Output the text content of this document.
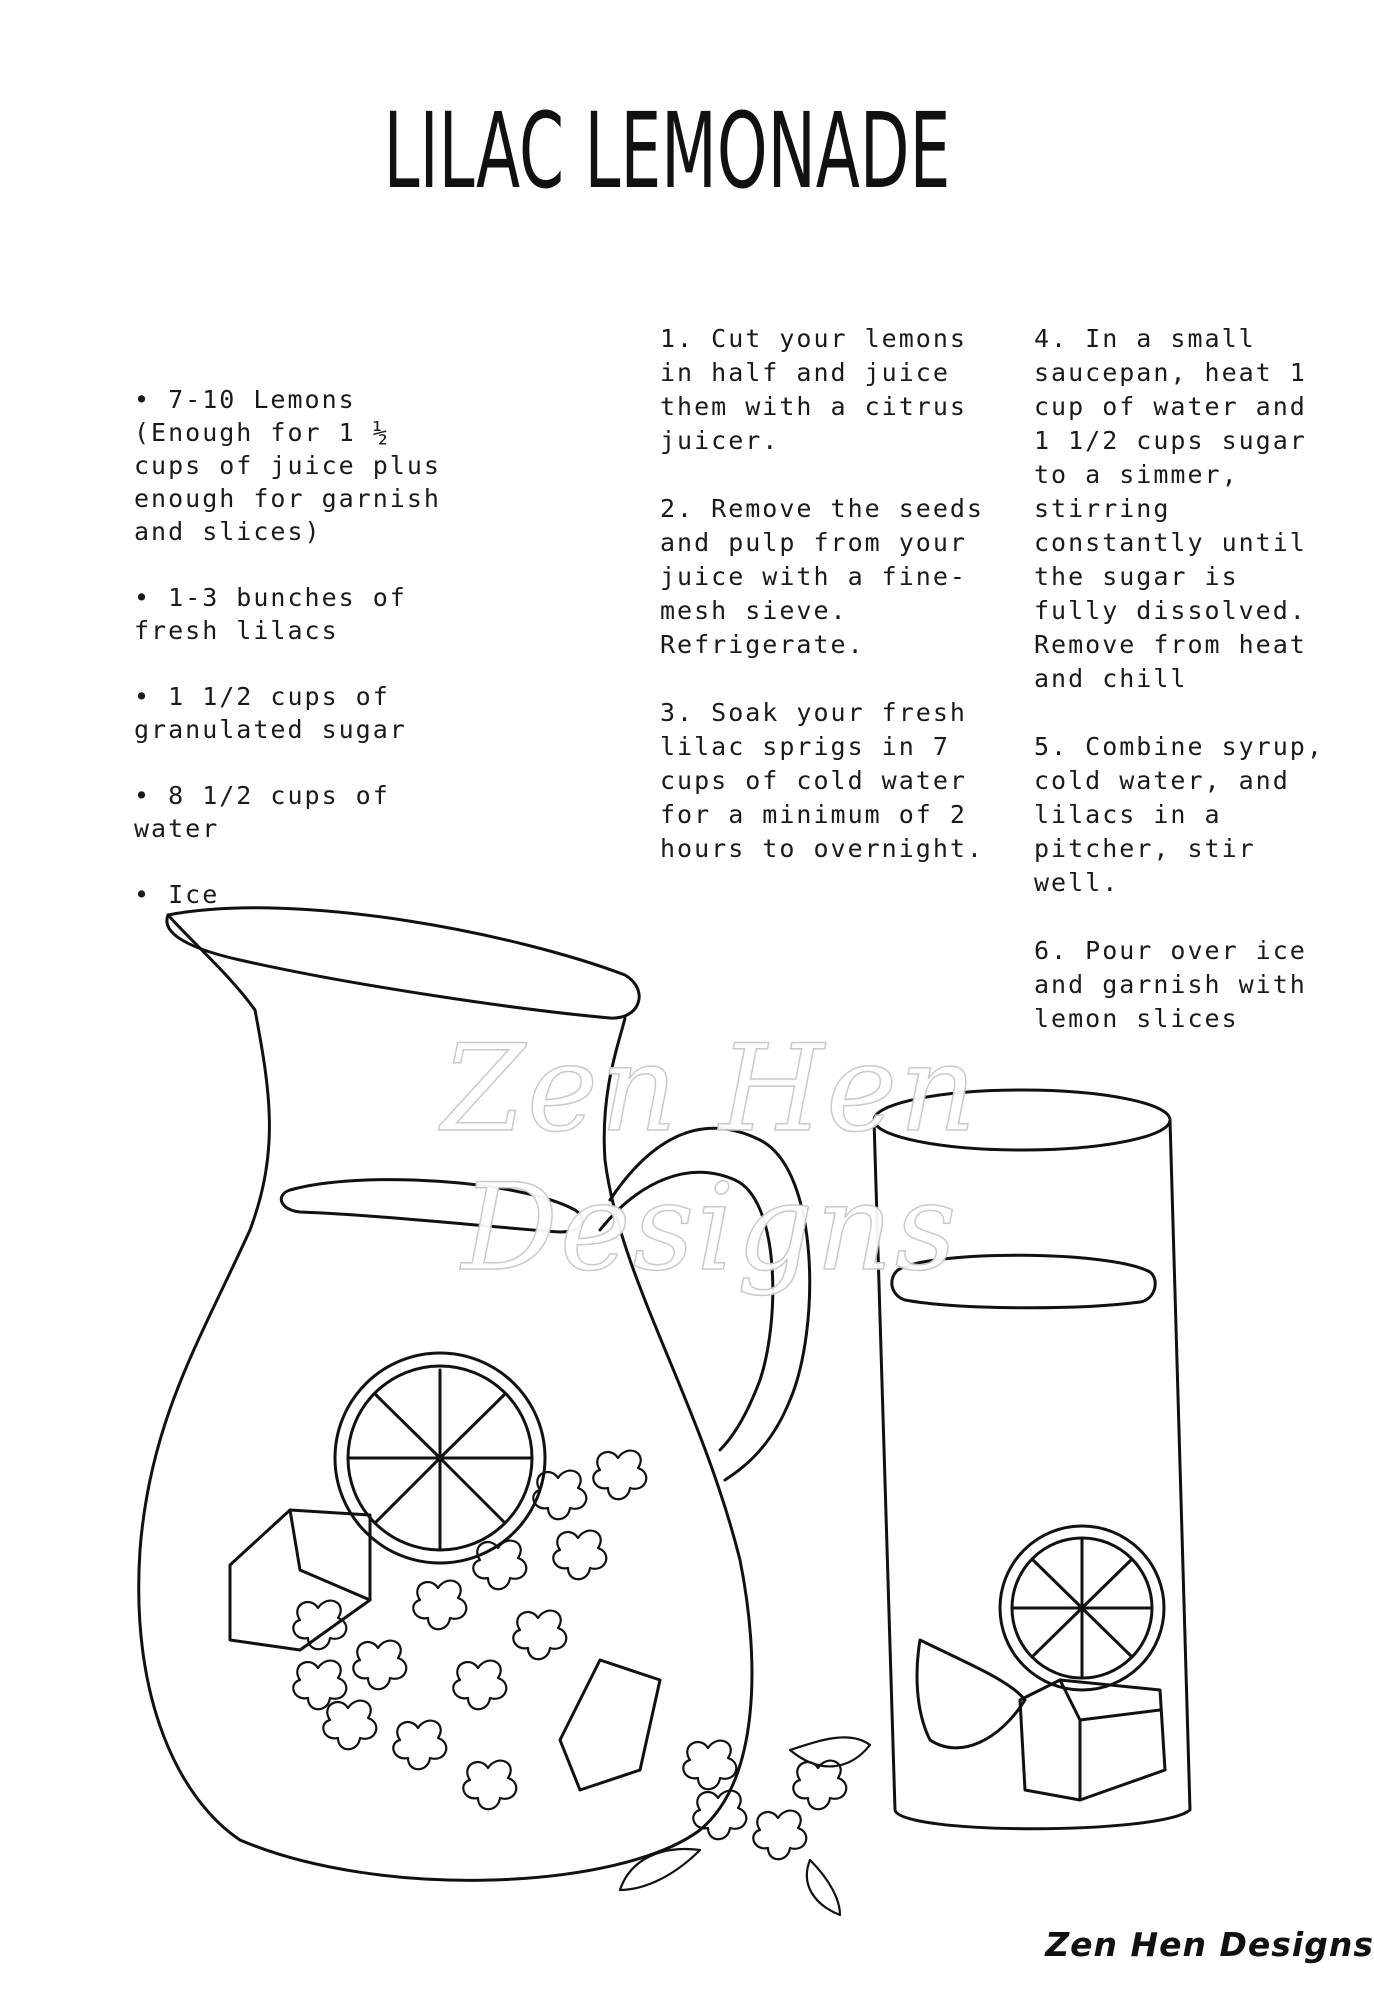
LILAC LEMONADE

• 7-10 Lemons (Enough for 1 ½ cups of juice plus enough for garnish and slices)

• 1-3 bunches of fresh lilacs

• 1 1/2 cups of granulated sugar

• 8 1/2 cups of water

• Ice

1. Cut your lemons in half and juice them with a citrus juicer.

2. Remove the seeds and pulp from your juice with a fine-mesh sieve. Refrigerate.

3. Soak your fresh lilac sprigs in 7 cups of cold water for a minimum of 2 hours to overnight.

4. In a small saucepan, heat 1 cup of water and 1 1/2 cups sugar to a simmer, stirring constantly until the sugar is fully dissolved. Remove from heat and chill

5. Combine syrup, cold water, and lilacs in a pitcher, stir well.

6. Pour over ice and garnish with lemon slices

Zen Hen Designs
Zen Hen Designs
